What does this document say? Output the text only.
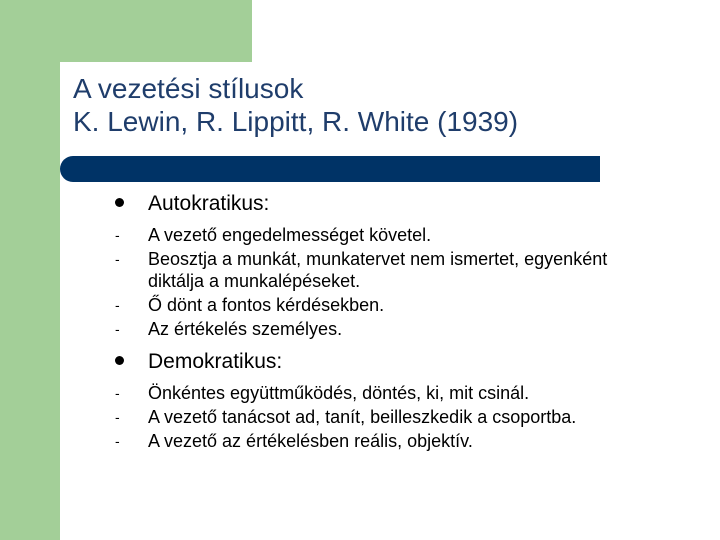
A vezetési stílusok
K. Lewin, R. Lippitt, R. White (1939)
Autokratikus:
- A vezető engedelmességet követel.
- Beosztja a munkát, munkatervet nem ismertet, egyenként diktálja a munkalépéseket.
- Ő dönt a fontos kérdésekben.
- Az értékelés személyes.
Demokratikus:
- Önkéntes együttműködés, döntés, ki, mit csinál.
- A vezető tanácsot ad, tanít, beilleszkedik a csoportba.
- A vezető az értékelésben reális, objektív.
